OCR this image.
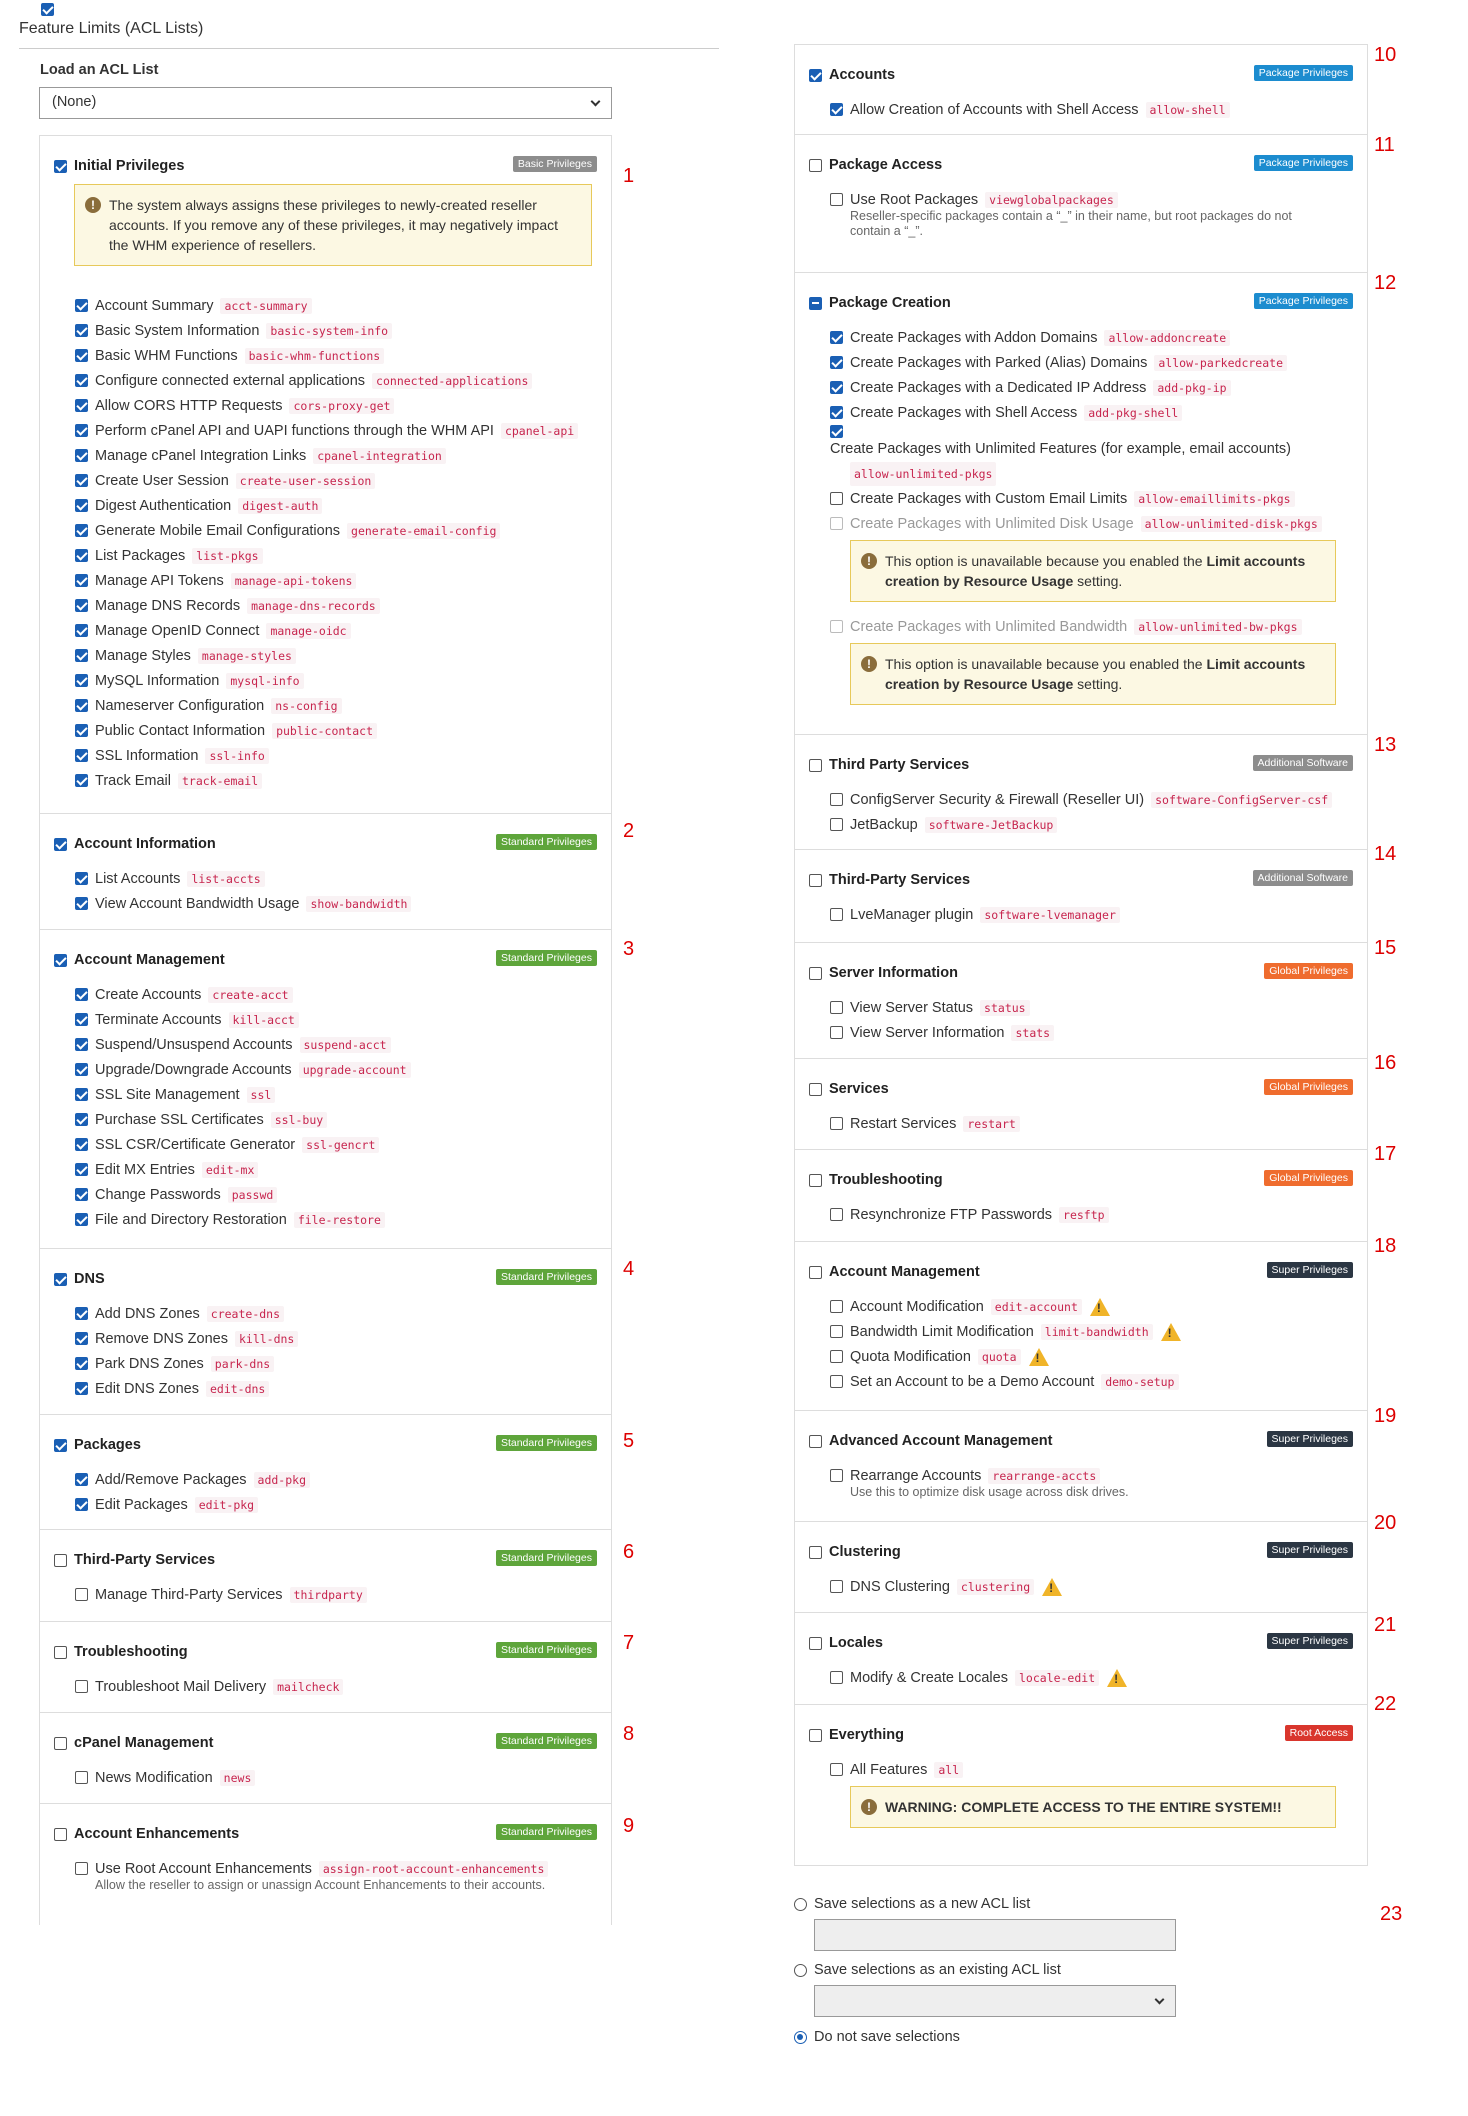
Feature Limits (ACL Lists)
Load an ACL List
(None)
Initial Privileges	Basic Privileges
!	The system always assigns these privileges to newly-created reseller accounts. If you remove any of these privileges, it may negatively impact the WHM experience of resellers.
Account Summary acct-summary
Basic System Information basic-system-info
Basic WHM Functions basic-whm-functions
Configure connected external applications connected-applications
Allow CORS HTTP Requests cors-proxy-get
Perform cPanel API and UAPI functions through the WHM API cpanel-api
Manage cPanel Integration Links cpanel-integration
Create User Session create-user-session
Digest Authentication digest-auth
Generate Mobile Email Configurations generate-email-config
List Packages list-pkgs
Manage API Tokens manage-api-tokens
Manage DNS Records manage-dns-records
Manage OpenID Connect manage-oidc
Manage Styles manage-styles
MySQL Information mysql-info
Nameserver Configuration ns-config
Public Contact Information public-contact
SSL Information ssl-info
Track Email track-email
Account Information	Standard Privileges
List Accounts list-accts
View Account Bandwidth Usage show-bandwidth
Account Management	Standard Privileges
Create Accounts create-acct
Terminate Accounts kill-acct
Suspend/Unsuspend Accounts suspend-acct
Upgrade/Downgrade Accounts upgrade-account
SSL Site Management ssl
Purchase SSL Certificates ssl-buy
SSL CSR/Certificate Generator ssl-gencrt
Edit MX Entries edit-mx
Change Passwords passwd
File and Directory Restoration file-restore
DNS	Standard Privileges
Add DNS Zones create-dns
Remove DNS Zones kill-dns
Park DNS Zones park-dns
Edit DNS Zones edit-dns
Packages	Standard Privileges
Add/Remove Packages add-pkg
Edit Packages edit-pkg
Third-Party Services	Standard Privileges
Manage Third-Party Services thirdparty
Troubleshooting	Standard Privileges
Troubleshoot Mail Delivery mailcheck
cPanel Management	Standard Privileges
News Modification news
Account Enhancements	Standard Privileges
Use Root Account Enhancements assign-root-account-enhancements
Allow the reseller to assign or unassign Account Enhancements to their accounts.
Accounts	Package Privileges
Allow Creation of Accounts with Shell Access allow-shell
Package Access	Package Privileges
Use Root Packages viewglobalpackages
Reseller-specific packages contain a “_” in their name, but root packages do not contain a “_”.
Package Creation	Package Privileges
Create Packages with Addon Domains allow-addoncreate
Create Packages with Parked (Alias) Domains allow-parkedcreate
Create Packages with a Dedicated IP Address add-pkg-ip
Create Packages with Shell Access add-pkg-shell
Create Packages with Unlimited Features (for example, email accounts)
allow-unlimited-pkgs
Create Packages with Custom Email Limits allow-emaillimits-pkgs
Create Packages with Unlimited Disk Usage allow-unlimited-disk-pkgs
!	This option is unavailable because you enabled the Limit accounts creation by Resource Usage setting.
Create Packages with Unlimited Bandwidth allow-unlimited-bw-pkgs
!	This option is unavailable because you enabled the Limit accounts creation by Resource Usage setting.
Third Party Services	Additional Software
ConfigServer Security & Firewall (Reseller UI) software-ConfigServer-csf
JetBackup software-JetBackup
Third-Party Services	Additional Software
LveManager plugin software-lvemanager
Server Information	Global Privileges
View Server Status status
View Server Information stats
Services	Global Privileges
Restart Services restart
Troubleshooting	Global Privileges
Resynchronize FTP Passwords resftp
Account Management	Super Privileges
Account Modification edit-account
!
Bandwidth Limit Modification limit-bandwidth
!
Quota Modification quota
!
Set an Account to be a Demo Account demo-setup
Advanced Account Management	Super Privileges
Rearrange Accounts rearrange-accts
Use this to optimize disk usage across disk drives.
Clustering	Super Privileges
DNS Clustering clustering
!
Locales	Super Privileges
Modify & Create Locales locale-edit
!
Everything	Root Access
All Features all
!	WARNING: COMPLETE ACCESS TO THE ENTIRE SYSTEM!!
Save selections as a new ACL list
Save selections as an existing ACL list
Do not save selections
23
1
2
3
4
5
6
7
8
9
10
11
12
13
14
15
16
17
18
19
20
21
22
